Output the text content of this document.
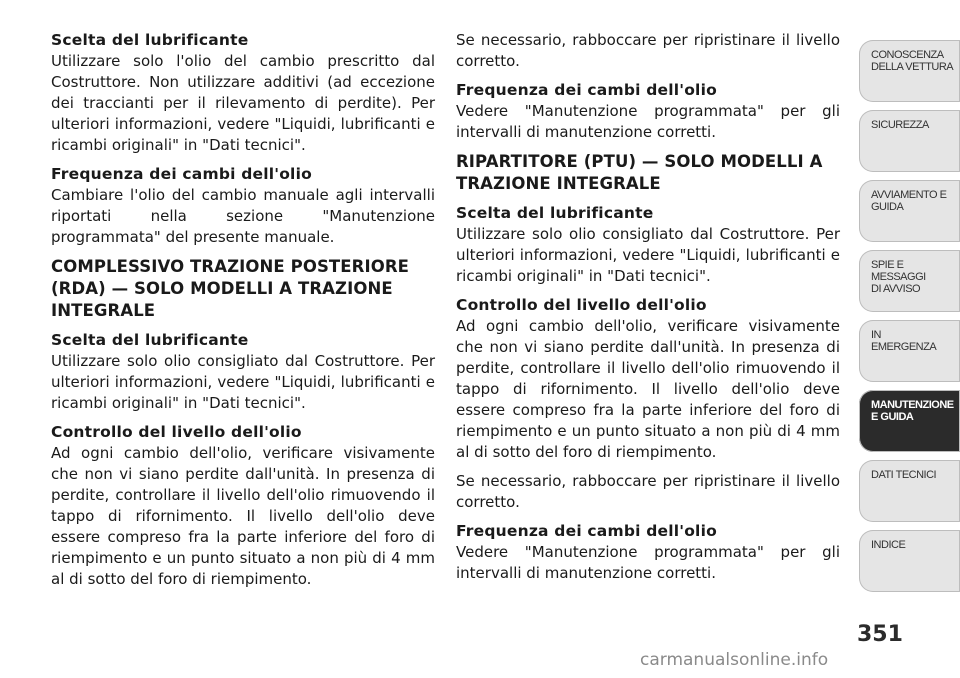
Scelta del lubrificante

Utilizzare solo l'olio del cambio prescritto dal Costruttore. Non utilizzare additivi (ad eccezione dei traccianti per il rilevamento di perdite). Per ulteriori informazioni, vedere "Liquidi, lubrificanti e ricambi originali" in "Dati tecnici".

Frequenza dei cambi dell'olio

Cambiare l'olio del cambio manuale agli intervalli riportati nella sezione "Manutenzione programmata" del presente manuale.

COMPLESSIVO TRAZIONE POSTERIORE (RDA) — SOLO MODELLI A TRAZIONE INTEGRALE

Scelta del lubrificante

Utilizzare solo olio consigliato dal Costruttore. Per ulteriori informazioni, vedere "Liquidi, lubrificanti e ricambi originali" in "Dati tecnici".

Controllo del livello dell'olio

Ad ogni cambio dell'olio, verificare visivamente che non vi siano perdite dall'unità. In presenza di perdite, controllare il livello dell'olio rimuovendo il tappo di rifornimento. Il livello dell'olio deve essere compreso fra la parte inferiore del foro di riempimento e un punto situato a non più di 4 mm al di sotto del foro di riempimento.

Se necessario, rabboccare per ripristinare il livello corretto.

Frequenza dei cambi dell'olio

Vedere "Manutenzione programmata" per gli intervalli di manutenzione corretti.

RIPARTITORE (PTU) — SOLO MODELLI A TRAZIONE INTEGRALE

Scelta del lubrificante

Utilizzare solo olio consigliato dal Costruttore. Per ulteriori informazioni, vedere "Liquidi, lubrificanti e ricambi originali" in "Dati tecnici".

Controllo del livello dell'olio

Ad ogni cambio dell'olio, verificare visivamente che non vi siano perdite dall'unità. In presenza di perdite, controllare il livello dell'olio rimuovendo il tappo di rifornimento. Il livello dell'olio deve essere compreso fra la parte inferiore del foro di riempimento e un punto situato a non più di 4 mm al di sotto del foro di riempimento.

Se necessario, rabboccare per ripristinare il livello corretto.

Frequenza dei cambi dell'olio

Vedere "Manutenzione programmata" per gli intervalli di manutenzione corretti.

CONOSCENZA
DELLA VETTURA
SICUREZZA
AVVIAMENTO E
GUIDA
SPIE E
MESSAGGI
DI AVVISO
IN
EMERGENZA
MANUTENZIONE
E GUIDA
DATI TECNICI
INDICE
351
carmanualsonline.info
